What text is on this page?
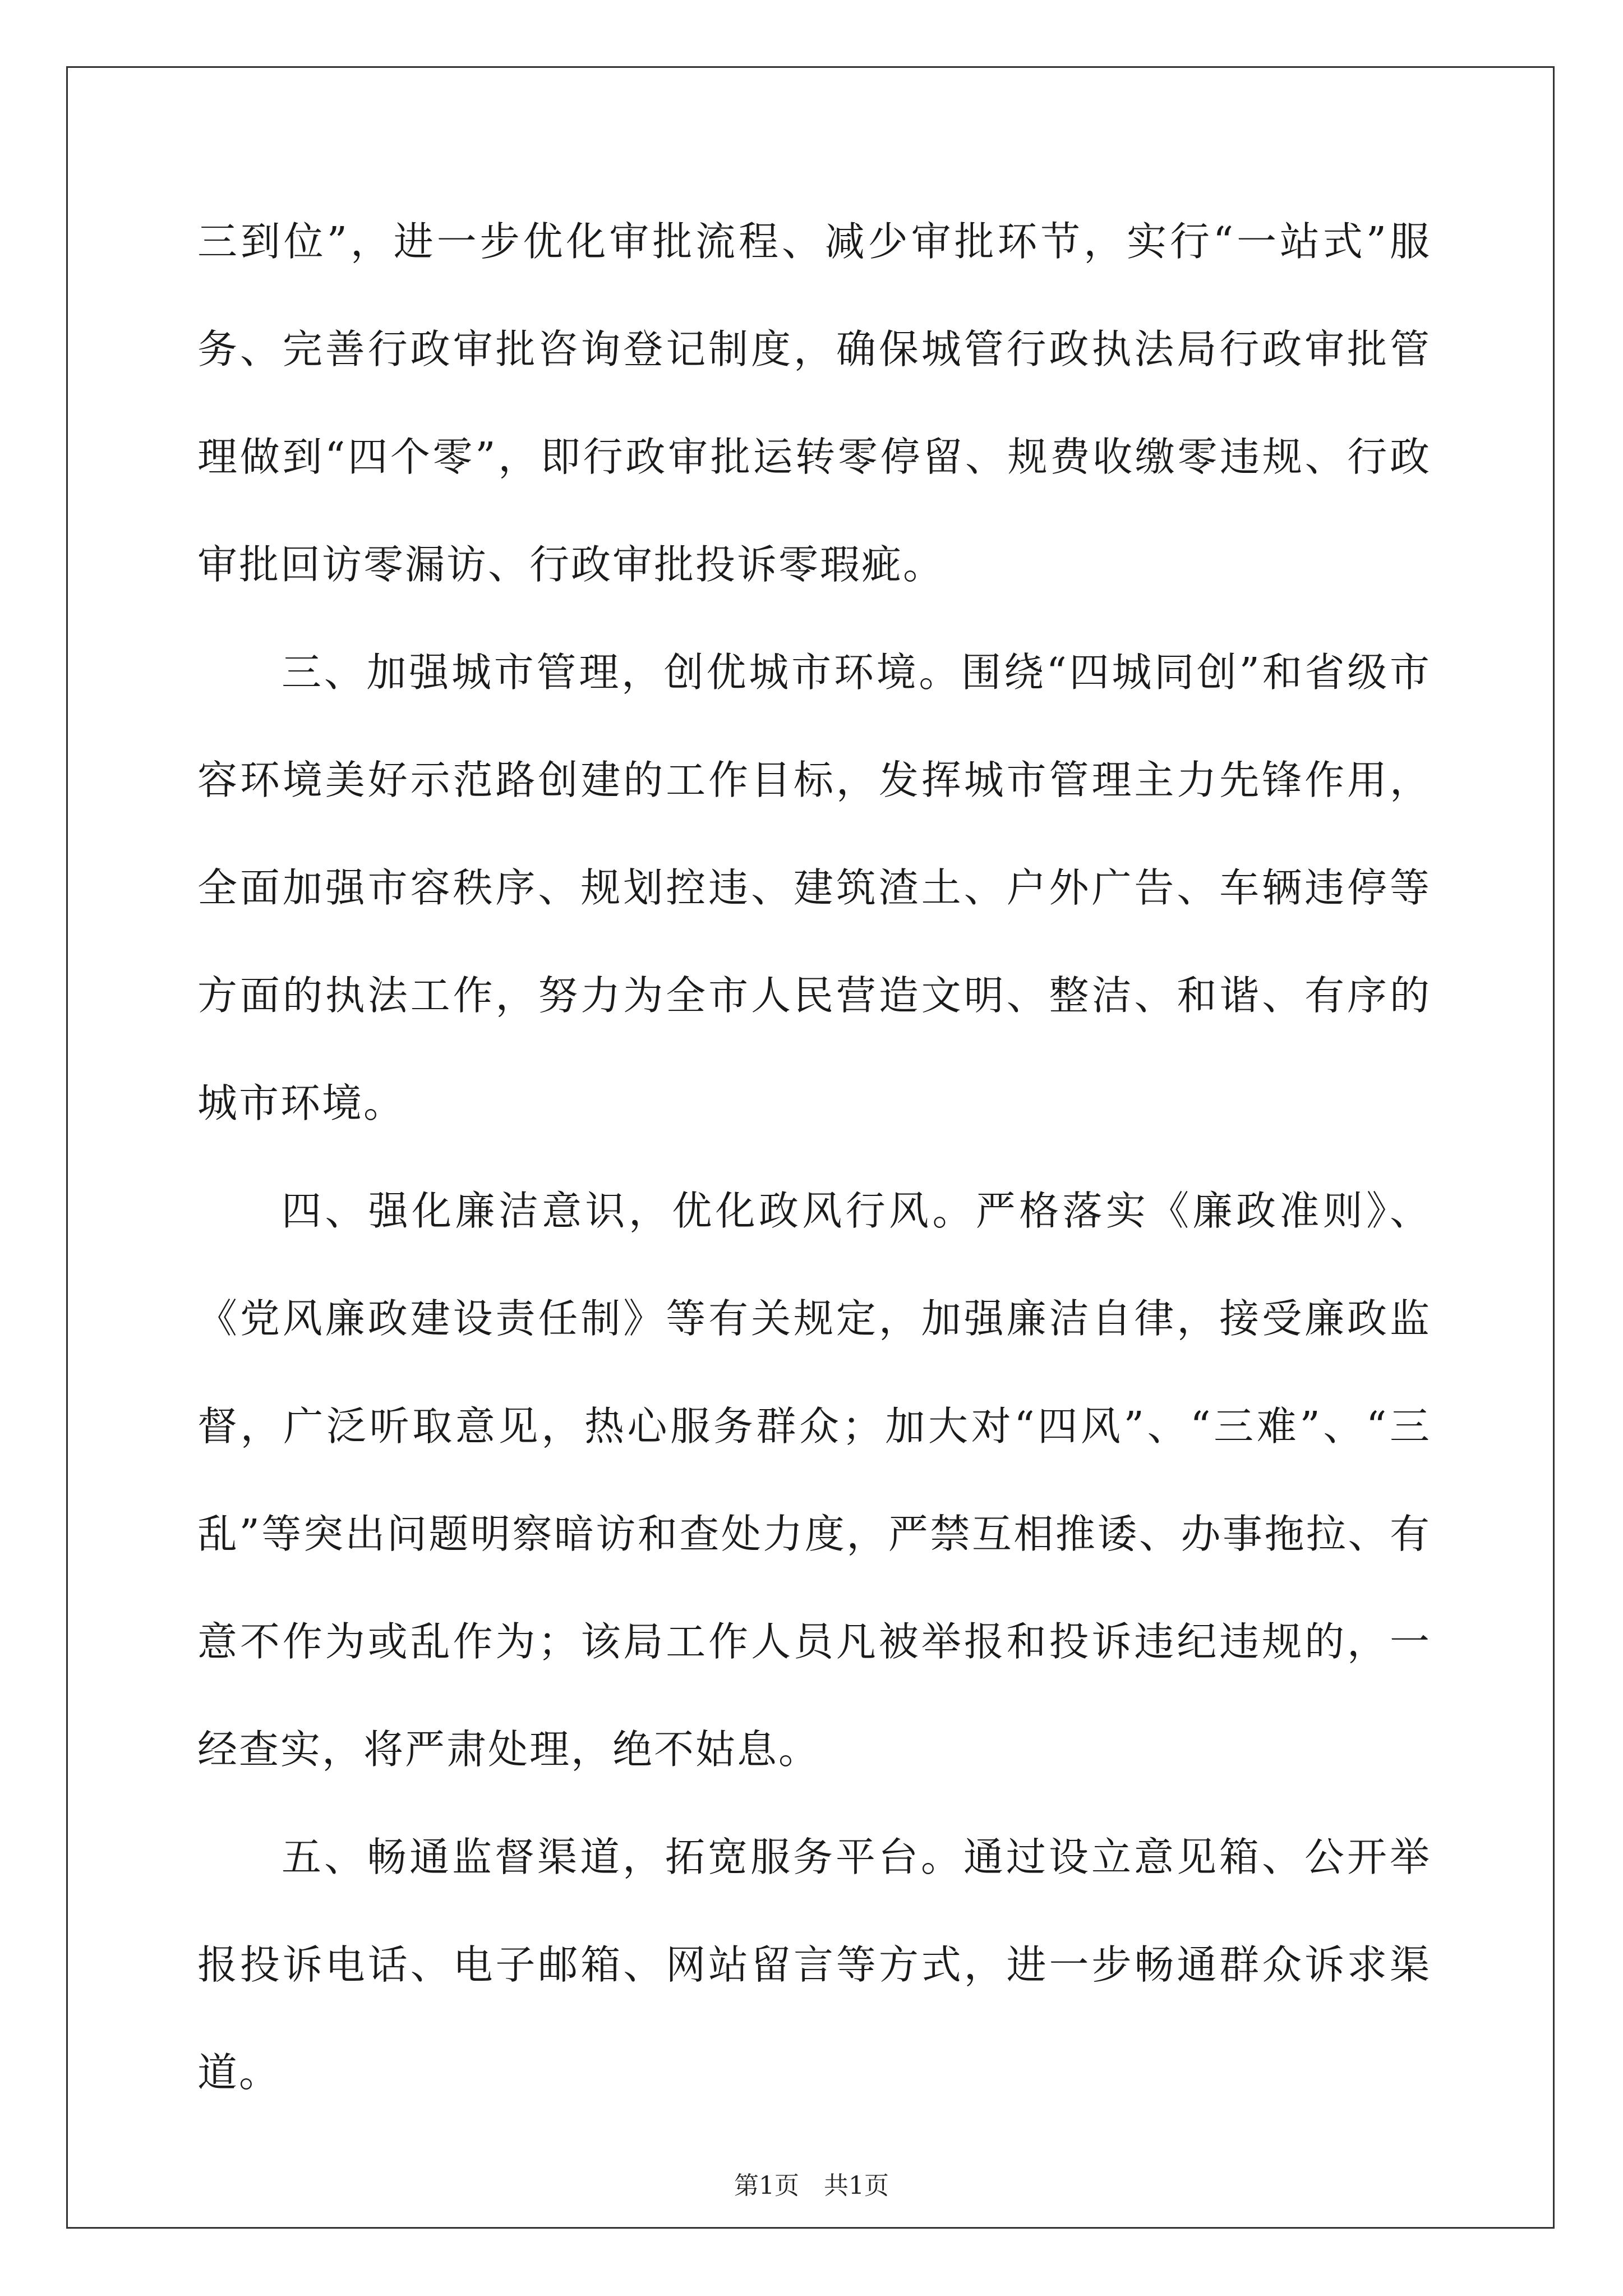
三到位”，进一步优化审批流程、减少审批环节，实行“一站式”服务、完善行政审批咨询登记制度，确保城管行政执法局行政审批管理做到“四个零”，即行政审批运转零停留、规费收缴零违规、行政审批回访零漏访、行政审批投诉零瑕疵。

三、加强城市管理，创优城市环境。围绕“四城同创”和省级市容环境美好示范路创建的工作目标，发挥城市管理主力先锋作用，全面加强市容秩序、规划控违、建筑渣土、户外广告、车辆违停等方面的执法工作，努力为全市人民营造文明、整洁、和谐、有序的城市环境。

四、强化廉洁意识，优化政风行风。严格落实《廉政准则》、《党风廉政建设责任制》等有关规定，加强廉洁自律，接受廉政监督，广泛听取意见，热心服务群众；加大对“四风”、“三难”、“三乱”等突出问题明察暗访和查处力度，严禁互相推诿、办事拖拉、有意不作为或乱作为；该局工作人员凡被举报和投诉违纪违规的，一经查实，将严肃处理，绝不姑息。

五、畅通监督渠道，拓宽服务平台。通过设立意见箱、公开举报投诉电话、电子邮箱、网站留言等方式，进一步畅通群众诉求渠道。

第1页 共1页
